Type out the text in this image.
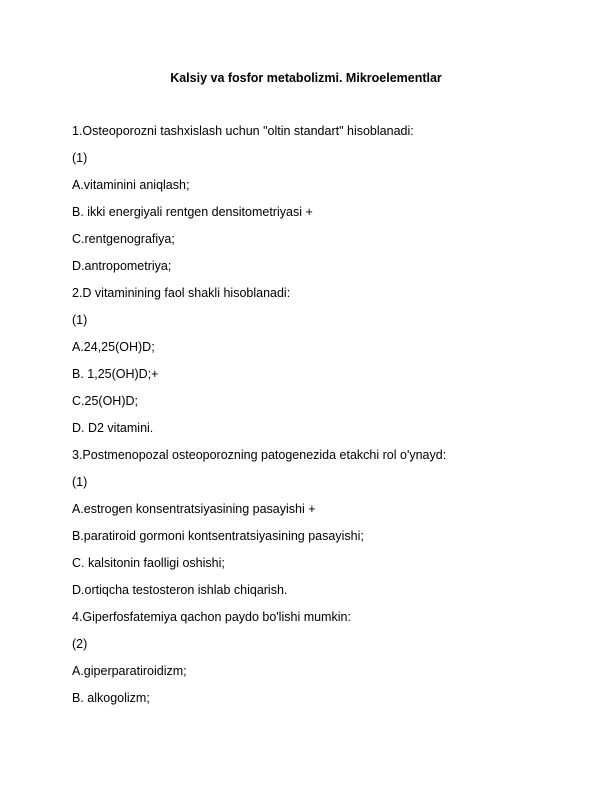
Kalsiy va fosfor metabolizmi. Mikroelementlar
1.Osteoporozni tashxislash uchun "oltin standart" hisoblanadi:
(1)
A.vitaminini aniqlash;
B. ikki energiyali rentgen densitometriyasi +
C.rentgenografiya;
D.antropometriya;
2.D vitaminining faol shakli hisoblanadi:
(1)
A.24,25(OH)D;
B. 1,25(OH)D;+
C.25(OH)D;
D. D2 vitamini.
3.Postmenopozal osteoporozning patogenezida etakchi rol o'ynayd:
(1)
A.estrogen konsentratsiyasining pasayishi +
B.paratiroid gormoni kontsentratsiyasining pasayishi;
C. kalsitonin faolligi oshishi;
D.ortiqcha testosteron ishlab chiqarish.
4.Giperfosfatemiya qachon paydo bo'lishi mumkin:
(2)
A.giperparatiroidizm;
B. alkogolizm;
